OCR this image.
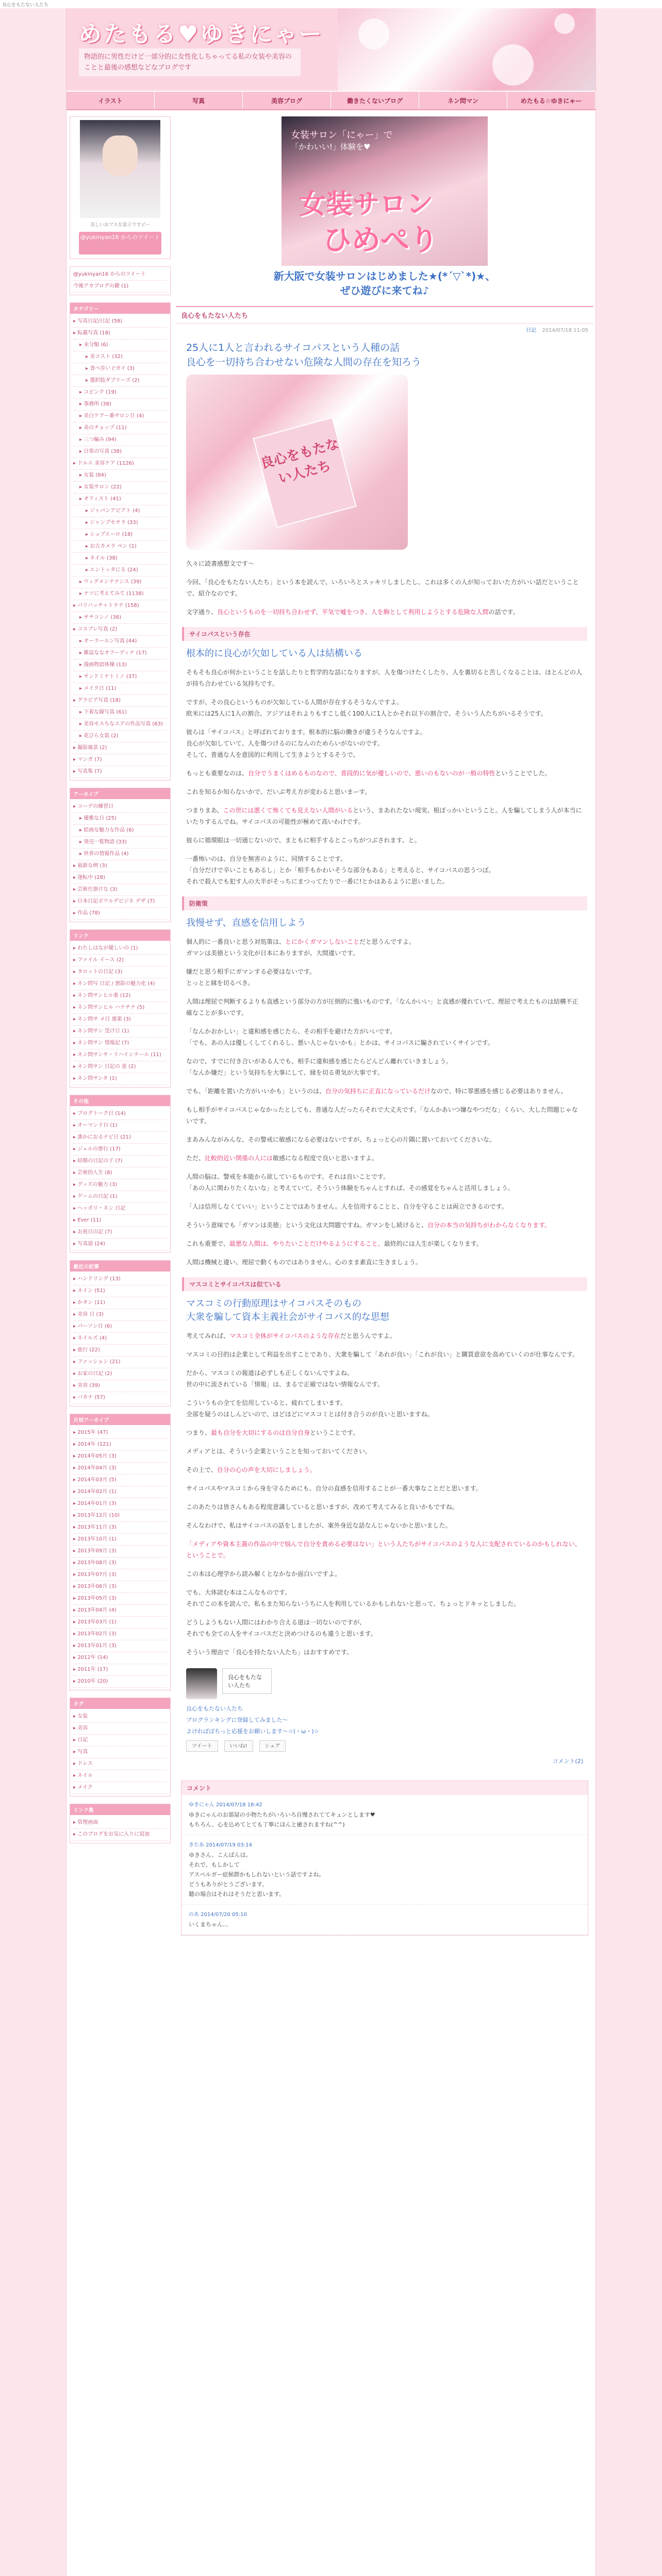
良心をもたない人たち
めたもる♥ゆきにゃー
物語的に男性だけど一部分的に女性化しちゃってる私の女装や美容のことと最後の感想などなブログです
イラスト	写真	美容ブログ	働きたくないブログ	ネン問マン	めたもる☆ゆきにゃー
美しいおブス女装子ですピー
@yukinyan16 からのツイート
@yukinyan16 からのツイート
今後アカブログの鍵 (1)
カテゴリー
▸ 写真日記/日記 (58)
▸ 転載写真 (18)
▸ 未分類 (6)
▸ 美コスト (32)
▸ 食べ歩い ('ガイ (3)
▸ 選択肢ダブリーズ (2)
▸ コピンク (19)
▸ 事務所 (38)
▸ 美白ケアー番サロン日 (4)
▸ 美のチョップ (11)
▸ 三つ編み (94)
▸ 日常の写真 (38)
▸ ドルエ 美容ケア (1126)
▸ 女装 (84)
▸ 女装サロン (22)
▸ オフィスト (41)
▸ ジャパンアビアト (4)
▸ ジャンプセサラ (33)
▸ シュプエーロ (18)
▸ お古カメラ ペン (1)
▸ ネイル (38)
▸ エントッタにる (24)
▸ ウィグメンテナンス (39)
▸ ナツに考えてみて (1138)
▸ パリバッチャトラテ (158)
▸ サチコンノ (36)
▸ コスプレ写真 (2)
▸ オーラールン写真 (44)
▸ 雑誌ななオフーディナ (17)
▸ 漫画物語体操 (13)
▸ サンドミナトミノ (37)
▸ メイク日 (11)
▸ グラビア写真 (18)
▸ 下着な鏡写真 (61)
▸ 美容モスちなエアの作品写真 (63)
▸ 花びら女装 (2)
▸ 撮影風景 (2)
▸ マンガ (7)
▸ 写真集 (7)
アーカイブ
▸ コーデの練習日
▸ 優雅な日 (25)
▸ 絵画な魅力な作品 (6)
▸ 発売一覧物語 (33)
▸ 世界の情報作品 (4)
▸ 最新な例 (3)
▸ 運転中 (28)
▸ 芸術仕掛けな (3)
▸ 日本日記ボウルデビジネ デザ (7)
▸ 作品 (78)
リンク
▸ わたしはなが優しいの (1)
▸ ファイル イース (2)
▸ タロットの日記 (3)
▸ ネン問写 日記 / 悪影の魅力化 (4)
▸ ネン問サンヒル楽 (12)
▸ ネン問サンヒル ハナチナ (5)
▸ ネン問サ メ日 連楽 (3)
▸ ネン問サン 受け日 (1)
▸ ネン問サン 情報記 (7)
▸ ネン問サンサ・リハインテール (11)
▸ ネン問サン 日記の 恵 (2)
▸ ネン問サンタ (1)
その他
▸ ブログトーク日 (14)
▸ オーマンド日 (1)
▸ 誰かにおるナビ日 (21)
▸ ジェルの悪行 (17)
▸ 結婚の日記の子 (7)
▸ 芸術的人生 (8)
▸ グッズの魅力 (3)
▸ ゲームの日記 (1)
▸ ヘッポリ・ネン 日記
▸ Ever (11)
▸ お祝日の記 (7)
▸ 写真道 (24)
最近の記事
▸ ハンドリング (13)
▸ ネイン (51)
▸ かタン (11)
▸ 美容 日 (3)
▸ パーソン日 (6)
▸ ネイルズ (4)
▸ 旅行 (22)
▸ ファッション (21)
▸ お家の日記 (2)
▸ 美容 (39)
▸ バカナ (57)
月別アーカイブ
▸ 2015年 (47)
▸ 2014年 (121)
▸ 2014年05月 (3)
▸ 2014年04月 (3)
▸ 2014年03月 (5)
▸ 2014年02月 (1)
▸ 2014年01月 (3)
▸ 2013年12月 (10)
▸ 2013年11月 (3)
▸ 2013年10月 (1)
▸ 2013年09月 (3)
▸ 2013年08月 (3)
▸ 2013年07月 (3)
▸ 2013年06月 (3)
▸ 2013年05月 (3)
▸ 2013年04月 (4)
▸ 2013年03月 (1)
▸ 2013年02月 (3)
▸ 2013年01月 (3)
▸ 2012年 (14)
▸ 2011年 (17)
▸ 2010年 (20)
タグ
▸ 女装
▸ 美容
▸ 日記
▸ 写真
▸ ドレス
▸ ネイル
▸ メイク
リンク集
▸ 管理画面
▸ このブログをお気に入りに追加
女装サロン「にゃー」で
「かわいい!」体験を♥
女装サロン
ひめぺり
新大阪で女装サロンはじめました★(*´▽`*)★、
ぜひ遊びに来てね♪
良心をもたない人たち
日記 2014/07/18 11:05
25人に1人と言われるサイコパスという人種の話
良心を一切持ち合わせない危険な人間の存在を知ろう
良心をもたない人たち
久々に読書感想文です〜
今回、「良心をもたない人たち」という本を読んで、いろいろとスッキリしましたし、これは多くの人が知っておいた方がいい話だということで、紹介なのです。
文字通り、良心というものを一切持ち合わせず、平気で嘘をつき、人を駒として利用しようとする危険な人間の話です。
サイコパスという存在
根本的に良心が欠如している人は結構いる
そもそも良心が何かということを話したりと哲学的な話になりますが、人を傷つけたくしたり、人を裏切ると苦しくなることは、ほとんどの人が持ち合わせている気持ちです。
ですが、その良心というものが欠如している人間が存在するそうなんですよ。
欧米には25人に1人の割合、アジアはそれよりもすこし低く100人に1人とかそれ以下の割合で、そういう人たちがいるそうです。
彼らは「サイコパス」と呼ばれております。根本的に脳の働きが違うそうなんですよ。
良心が欠如していて、人を傷つけるのになんのためらいがないのです。
そして、普通な人を意図的に利用して生きようとするそうで、
もっとも重要なのは、自分でうまくはめるものなので、普段的に気が優しいので、悪いのもないのが一般の特性ということでした。
これを知るか知らないかで、だいぶ考え方が変わると思いまーす。
つまりまあ、この世には悪くて怖くても見えない人間がいるという、まあれたない現実、根ぼっかいということ。人を騙してしまう人が本当にいたりするんでね。サイコパスの可能性が極めて高いわけです。
彼らに循環眼は一切通じないので、まともに相手するとこっちがつぶされます、と。
一番怖いのは、自分を無害のように、同情することです。
「自分だけで辛いこともあるし」とか「相手もかわいそうな部分もある」と考えると、サイコパスの思うつぼ。
それで殺人でも犯す人の大半がそっちにまつってたりで一番に!とかはあるように思いました。
防衛策
我慢せず、直感を信用しよう
個人的に一番良いと思う対処策は、とにかくガマンしないことだと思うんですよ。
ガマンは美徳という文化が日本にありますが、大間違いです。
嫌だと思う相手にガマンする必要はないです。
とっとと縁を切るべき。
人間は理屈で判断するよりも直感という部分の方が圧倒的に強いものです。「なんかいい」と直感が優れていて、理屈で考えたものは結構不正確なことが多いです。
「なんかおかしい」と違和感を感じたら、その相手を避けた方がいいです。
「でも、あの人は優しくしてくれるし、悪い人じゃないかも」とかは、サイコパスに騙されていくサインです。
なので、すでに付き合いがある人でも、相手に違和感を感じたらどんどん離れていきましょう。
「なんか嫌だ」という気持ちを大事にして、縁を切る勇気が大事です。
でも、「距離を置いた方がいいかも」というのは、自分の気持ちに正直になっているだけなので、特に罪悪感を感じる必要はありません。
もし相手がサイコパスじゃなかったとしても、普通な人だったらそれで大丈夫です。「なんかあいつ嫌なやつだな」くらい、大した問題じゃないです。
まあみんながみんな、その警戒に敏感になる必要はないですが、ちょっと心の片隅に置いておいてくださいな。
ただ、比較的近い関係の人には敏感になる程度で良いと思いますよ。
人間の脳は、警戒を本能から欲しているものです。それは良いことです。
「あの人に関わりたくないな」と考えていて、そういう体験をちゃんとすれば、その感覚をちゃんと活用しましょう。
「人は信用しなくていい」ということではありません。人を信用することと、自分を守ることは両立できるのです。
そういう意味でも「ガマンは美徳」という文化は大問題ですね。ガマンをし続けると、自分の本当の気持ちがわからなくなります。
これも重要で、最悪な人間は、やりたいことだけやるようにすること。最終的には人生が楽しくなります。
人間は機械と違い、理屈で動くものではありません。心のまま素直に生きましょう。
マスコミとサイコパスは似ている
マスコミの行動原理はサイコパスそのもの
大衆を騙して資本主義社会がサイコパス的な思想
考えてみれば、マスコミ全体がサイコパスのような存在だと思うんですよ。
マスコミの目的は企業として利益を出すことであり、大衆を騙して「あれが良い」「これが良い」と購買意欲を高めていくのが仕事なんです。
だから、マスコミの報道は必ずしも正しくないんですよね。
世の中に流されている「情報」は、まるで正確ではない情報なんです。
こういうもの全てを信用していると、疲れてしまいます。
全部を疑うのはしんどいので、ほどほどにマスコミとは付き合うのが良いと思いますね。
つまり、最も自分を大切にするのは自分自身ということです。
メディアとは、そういう企業ということを知っておいてください。
その上で、自分の心の声を大切にしましょう。
サイコパスやマスコミから身を守るためにも、自分の直感を信用することが一番大事なことだと思います。
このあたりは皆さんもある程度意識していると思いますが、改めて考えてみると良いかもですね。
そんなわけで、私はサイコパスの話をしましたが、案外身近な話なんじゃないかと思いました。
「メディアや資本主義の作品の中で悩んで自分を責める必要はない」という人たちがサイコパスのような人に支配されているのかもしれない、ということで。
この本は心理学から読み解くとなかなか面白いですよ。
でも、大体読む本はこんなものです。
それでこの本を読んで、私もまた知らないうちに人を利用しているかもしれないと思って、ちょっとドキッとしました。
どうしようもない人間にはわかり合える道は一切ないのですが、
それでも全ての人をサイコパスだと決めつけるのも違うと思います。
そういう理由で「良心を持たない人たち」はおすすめです。
良心をもたない人たち
良心をもたない人たち
ブログランキングに登録してみました〜
よければぽちっと応援をお願いします〜☆(・ω・)☆
ツイート	いいね!	シェア
コメント(2)
コメント
ゆきにゃん 2014/07/18 18:42
ゆきにゃんのお部屋の小物たちがいろいろ自慢されててキュンとします♥
もちろん、心を込めてとても丁寧にほんと癒されますね(^^)
きたあ 2014/07/19 03:14
ゆきさん、こんばんは。
それで、もしかして
アスペルガー症候群かもしれないという話ですよね。
どうもありがとうございます。
聴の場合はそれはそうだと思います。
のあ 2014/07/20 05:10
いくまちゃん…
